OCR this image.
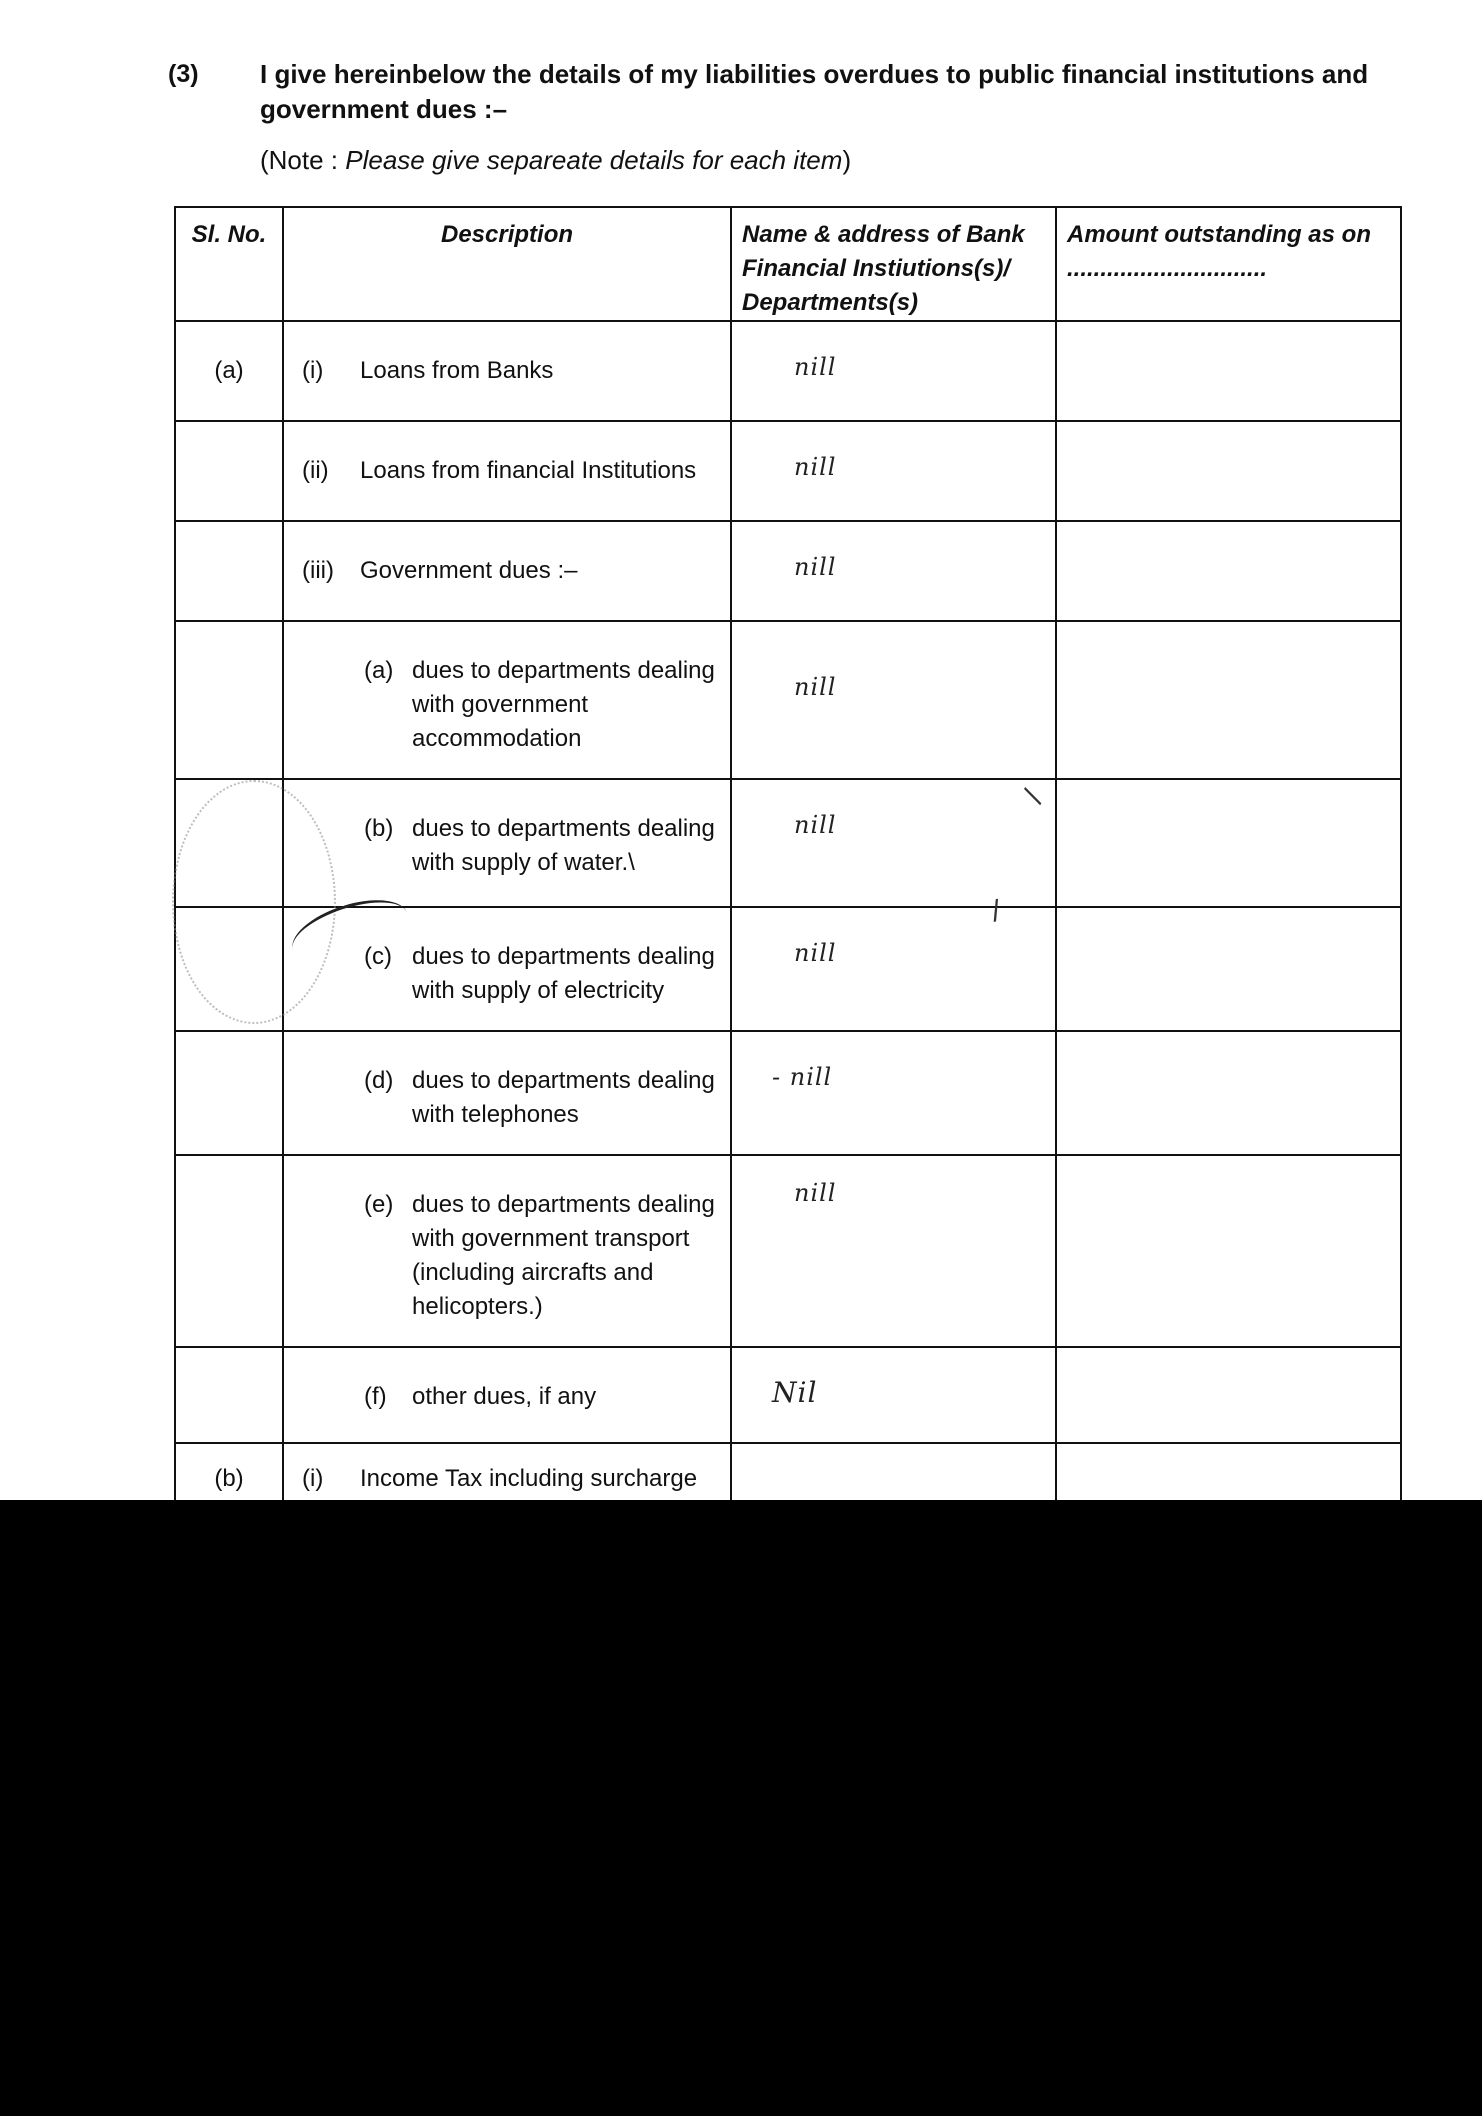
(3) I give hereinbelow the details of my liabilities overdues to public financial institutions and government dues :–

(Note : Please give separeate details for each item)
Sl. No.	Description	Name & address of Bank Financial Instiutions(s)/ Departments(s)	Amount outstanding as on ..............................
(a)	(i) Loans from Banks	nill	
	(ii) Loans from financial Institutions	nill	
	(iii) Government dues :–	nill	

	(a) dues to departments dealing with government accommodation	nill	

	(b) dues to departments dealing with supply of water.\	nill	

	(c) dues to departments dealing with supply of electricity	nill	

	(d) dues to departments dealing with telephones	- nill	

	(e) dues to departments dealing with government transport (including aircrafts and helicopters.)	nill	

	(f) other dues, if any	Nil	
(b)	(i) Income Tax including surcharge		
/
/
